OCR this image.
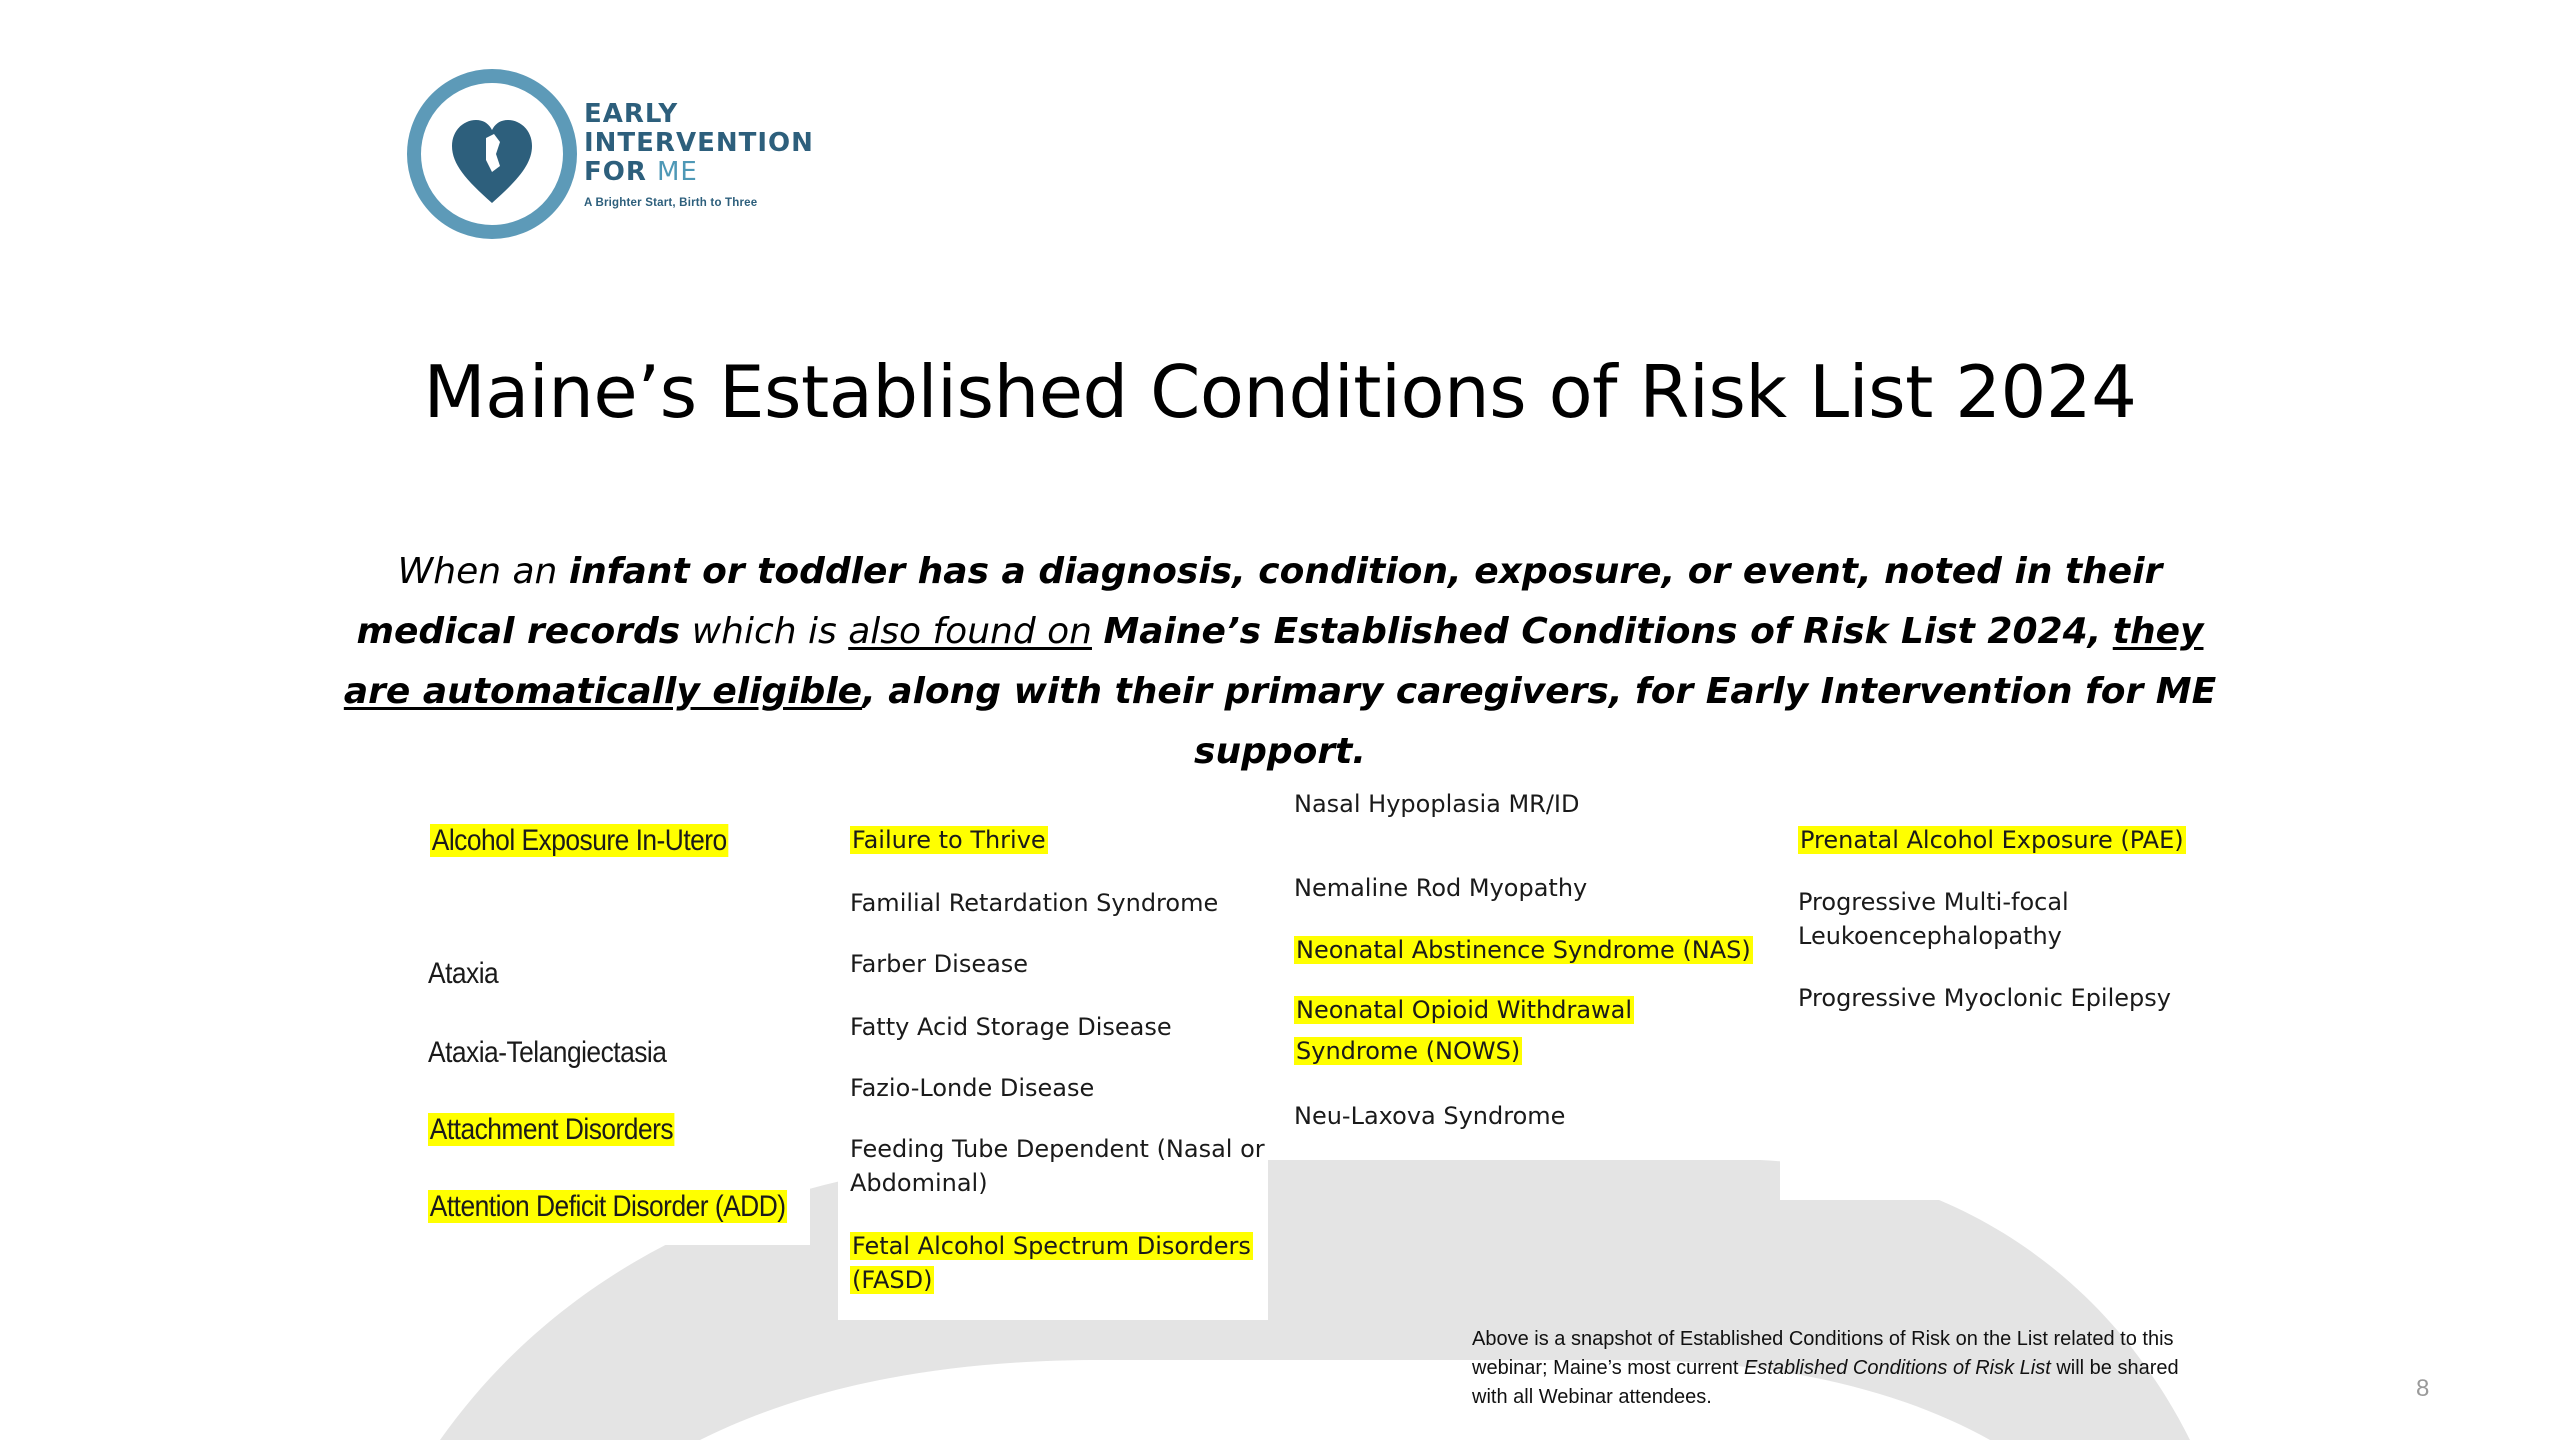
EARLY
INTERVENTION
FOR ME
A Brighter Start, Birth to Three
Maine’s Established Conditions of Risk List 2024
When an infant or toddler has a diagnosis, condition, exposure, or event, noted in their medical records which is also found on Maine’s Established Conditions of Risk List 2024, they are automatically eligible, along with their primary caregivers, for Early Intervention for ME support.
Alcohol Exposure In-Utero
Ataxia
Ataxia-Telangiectasia
Attachment Disorders
Attention Deficit Disorder (ADD)
Failure to Thrive
Familial Retardation Syndrome
Farber Disease
Fatty Acid Storage Disease
Fazio-Londe Disease
Feeding Tube Dependent (Nasal or
Abdominal)
Fetal Alcohol Spectrum Disorders
(FASD)
Nasal Hypoplasia MR/ID
Nemaline Rod Myopathy
Neonatal Abstinence Syndrome (NAS)
Neonatal Opioid Withdrawal
Syndrome (NOWS)
Neu-Laxova Syndrome
Prenatal Alcohol Exposure (PAE)
Progressive Multi-focal
Leukoencephalopathy
Progressive Myoclonic Epilepsy
Above is a snapshot of Established Conditions of Risk on the List related to this webinar; Maine’s most current Established Conditions of Risk List will be shared with all Webinar attendees.	8
